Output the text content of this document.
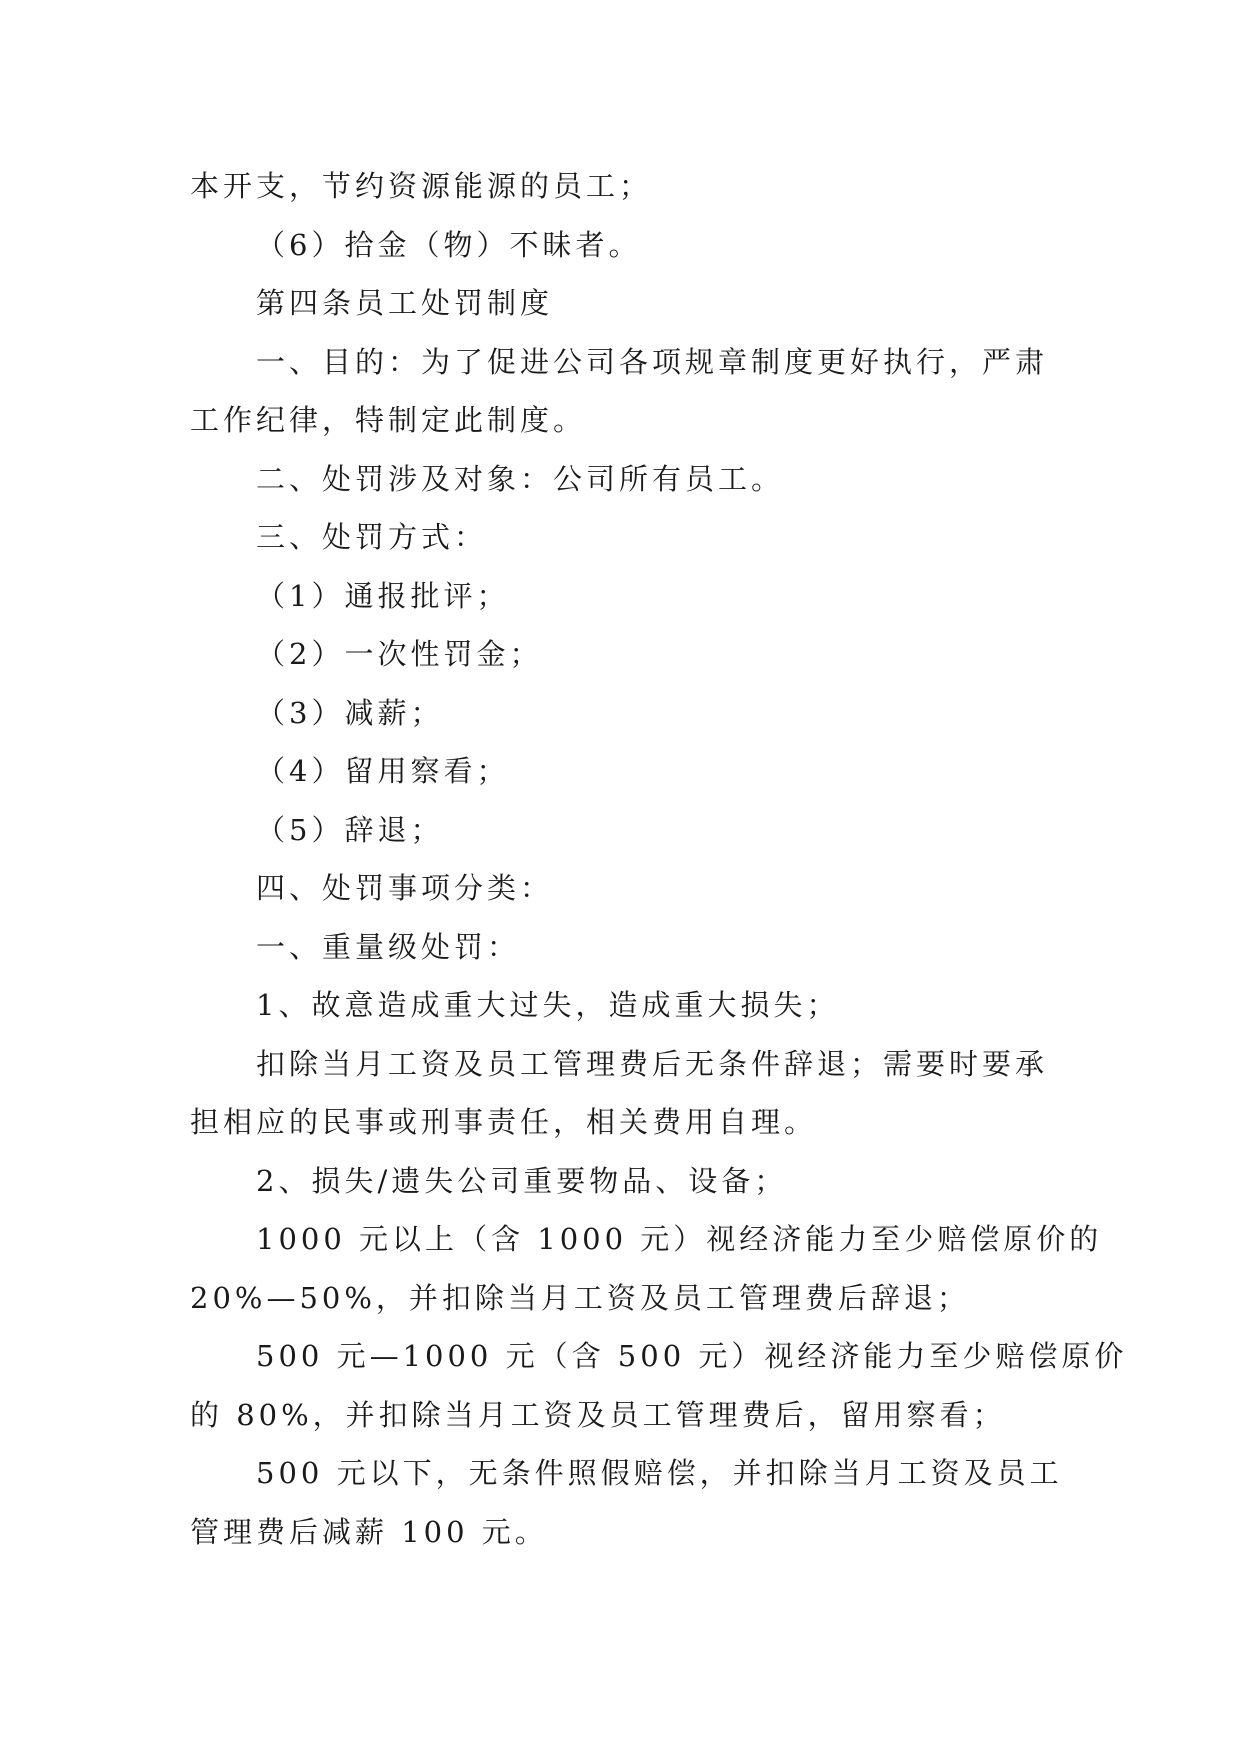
本开支，节约资源能源的员工；
（6）拾金（物）不昧者。
第四条员工处罚制度
一、目的：为了促进公司各项规章制度更好执行，严肃
工作纪律，特制定此制度。
二、处罚涉及对象：公司所有员工。
三、处罚方式：
（1）通报批评；
（2）一次性罚金；
（3）减薪；
（4）留用察看；
（5）辞退；
四、处罚事项分类：
一、重量级处罚：
1、故意造成重大过失，造成重大损失；
扣除当月工资及员工管理费后无条件辞退；需要时要承
担相应的民事或刑事责任，相关费用自理。
2、损失/遗失公司重要物品、设备；
1000 元以上（含 1000 元）视经济能力至少赔偿原价的
20%—50%，并扣除当月工资及员工管理费后辞退；
500 元—1000 元（含 500 元）视经济能力至少赔偿原价
的 80%，并扣除当月工资及员工管理费后，留用察看；
500 元以下，无条件照假赔偿，并扣除当月工资及员工
管理费后减薪 100 元。
